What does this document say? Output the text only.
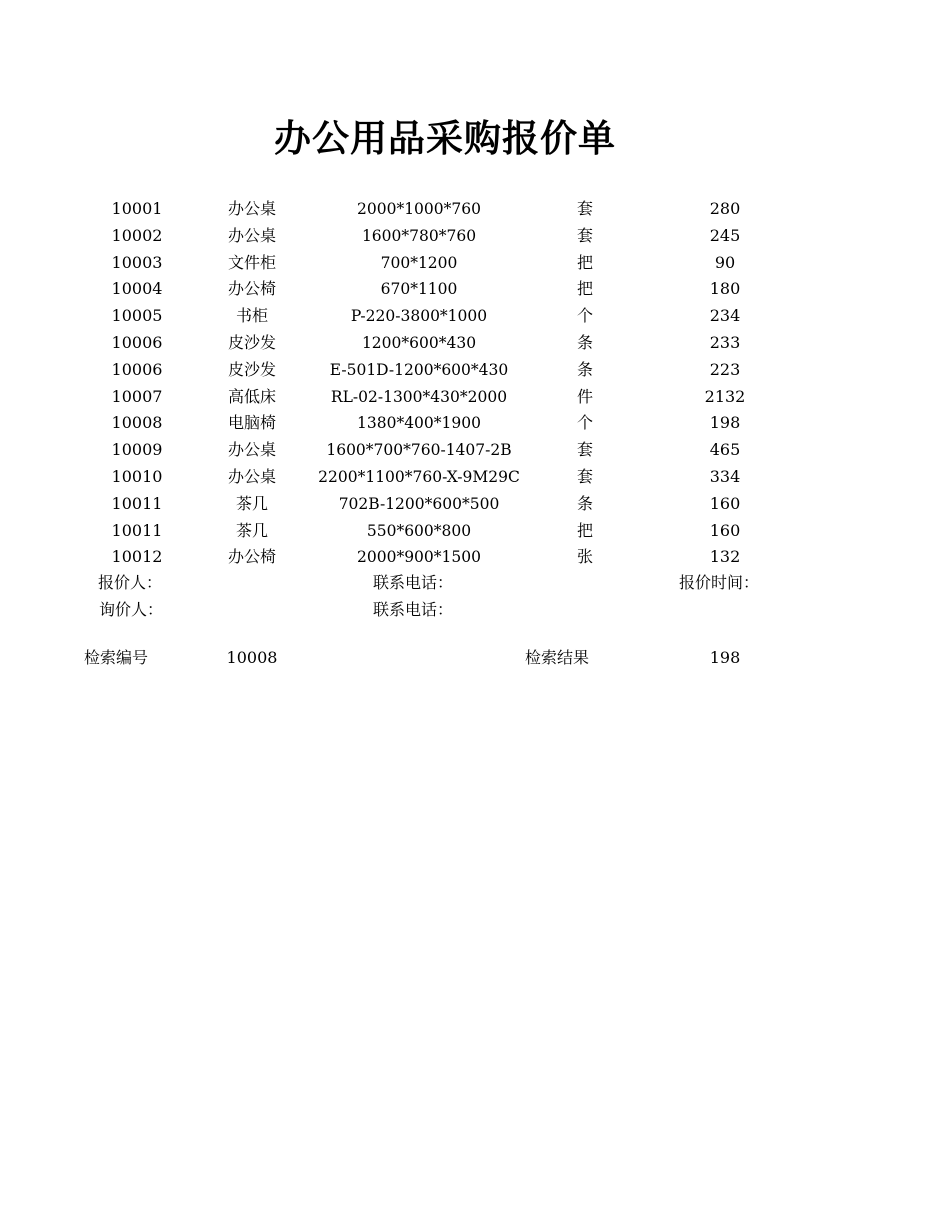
办公用品采购报价单
10001	办公桌	2000*1000*760	套	280
10002	办公桌	1600*780*760	套	245
10003	文件柜	700*1200	把	90
10004	办公椅	670*1100	把	180
10005	书柜	P-220-3800*1000	个	234
10006	皮沙发	1200*600*430	条	233
10006	皮沙发	E-501D-1200*600*430	条	223
10007	高低床	RL-02-1300*430*2000	件	2132
10008	电脑椅	1380*400*1900	个	198
10009	办公桌	1600*700*760-1407-2B	套	465
10010	办公桌	2200*1100*760-X-9M29C	套	334
10011	茶几	702B-1200*600*500	条	160
10011	茶几	550*600*800	把	160
10012	办公椅	2000*900*1500	张	132
报价人：	联系电话：	报价时间：
询价人：	联系电话：
检索编号	10008	检索结果	198
